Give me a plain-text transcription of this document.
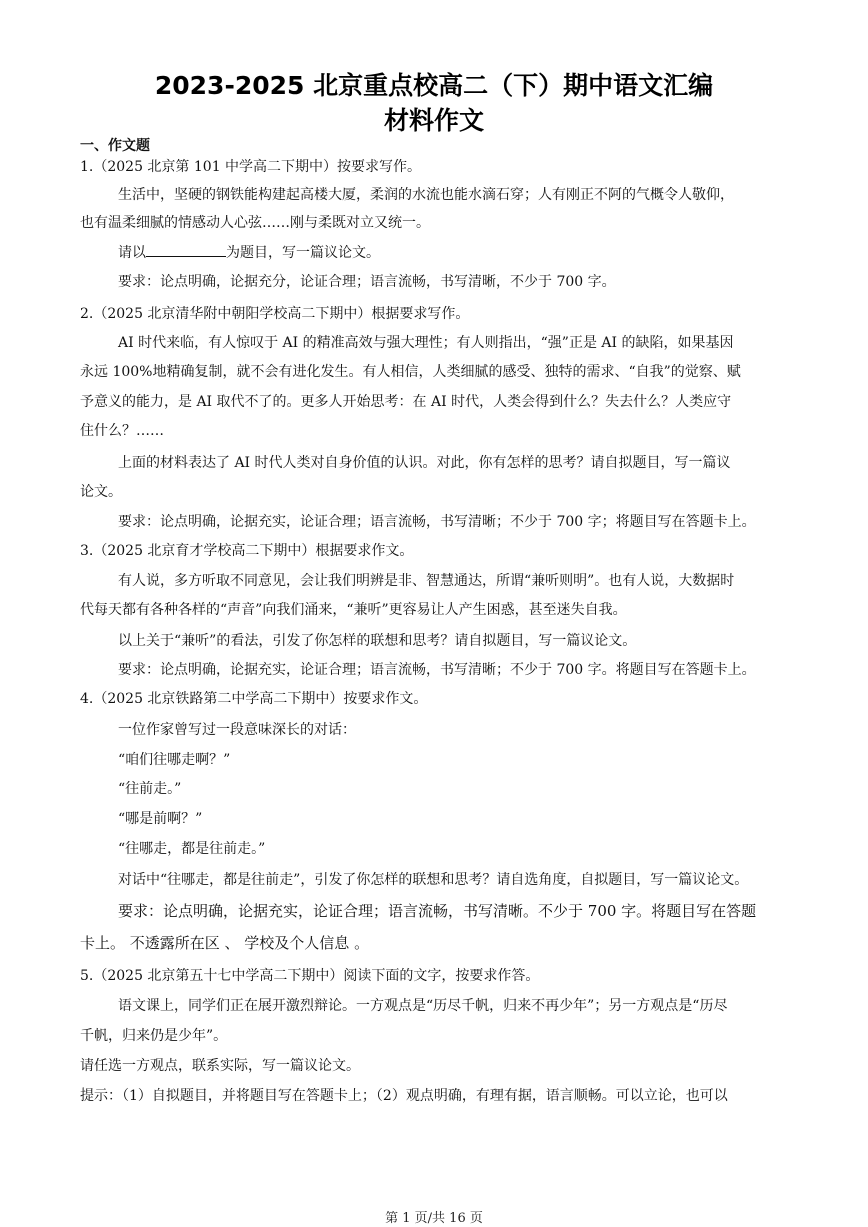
2023-2025 北京重点校高二（下）期中语文汇编
材料作文
一、作文题
1.（2025 北京第 101 中学高二下期中）按要求写作。
生活中，坚硬的钢铁能构建起高楼大厦，柔润的水流也能水滴石穿；人有刚正不阿的气概令人敬仰，
也有温柔细腻的情感动人心弦……刚与柔既对立又统一。
请以	为题目，写一篇议论文。
要求：论点明确，论据充分，论证合理；语言流畅，书写清晰，不少于 700 字。
2.（2025 北京清华附中朝阳学校高二下期中）根据要求写作。
AI 时代来临，有人惊叹于 AI 的精准高效与强大理性；有人则指出，“强”正是 AI 的缺陷，如果基因
永远 100%地精确复制，就不会有进化发生。有人相信，人类细腻的感受、独特的需求、“自我”的觉察、赋
予意义的能力，是 AI 取代不了的。更多人开始思考：在 AI 时代，人类会得到什么？失去什么？人类应守
住什么？……
上面的材料表达了 AI 时代人类对自身价值的认识。对此，你有怎样的思考？请自拟题目，写一篇议
论文。
要求：论点明确，论据充实，论证合理；语言流畅，书写清晰；不少于 700 字；将题目写在答题卡上。
3.（2025 北京育才学校高二下期中）根据要求作文。
有人说，多方听取不同意见，会让我们明辨是非、智慧通达，所谓“兼听则明”。也有人说，大数据时
代每天都有各种各样的“声音”向我们涌来，“兼听”更容易让人产生困惑，甚至迷失自我。
以上关于“兼听”的看法，引发了你怎样的联想和思考？请自拟题目，写一篇议论文。
要求：论点明确，论据充实，论证合理；语言流畅，书写清晰；不少于 700 字。将题目写在答题卡上。
4.（2025 北京铁路第二中学高二下期中）按要求作文。
一位作家曾写过一段意味深长的对话：
“咱们往哪走啊？”
“往前走。”
“哪是前啊？”
“往哪走，都是往前走。”
对话中“往哪走，都是往前走”，引发了你怎样的联想和思考？请自选角度，自拟题目，写一篇议论文。
要求：论点明确，论据充实，论证合理；语言流畅，书写清晰。不少于 700 字。将题目写在答题
卡上。 不透露所在区 、 学校及个人信息 。
5.（2025 北京第五十七中学高二下期中）阅读下面的文字，按要求作答。
语文课上，同学们正在展开激烈辩论。一方观点是“历尽千帆，归来不再少年”；另一方观点是“历尽
千帆，归来仍是少年”。
请任选一方观点，联系实际，写一篇议论文。
提示：（1）自拟题目，并将题目写在答题卡上；（2）观点明确，有理有据，语言顺畅。可以立论，也可以
第 1 页/共 16 页
